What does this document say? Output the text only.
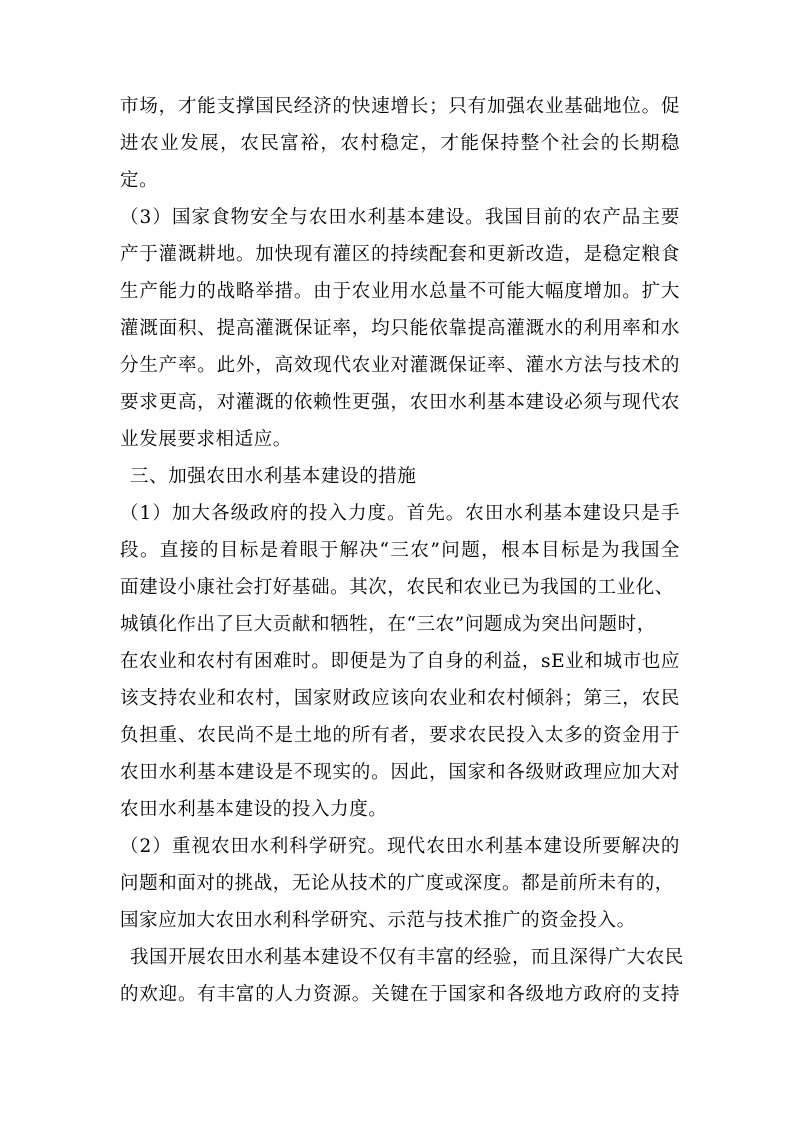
市场，才能支撑国民经济的快速增长；只有加强农业基础地位。促
进农业发展，农民富裕，农村稳定，才能保持整个社会的长期稳
定。
（3）国家食物安全与农田水利基本建设。我国目前的农产品主要
产于灌溉耕地。加快现有灌区的持续配套和更新改造，是稳定粮食
生产能力的战略举措。由于农业用水总量不可能大幅度增加。扩大
灌溉面积、提高灌溉保证率，均只能依靠提高灌溉水的利用率和水
分生产率。此外，高效现代农业对灌溉保证率、灌水方法与技术的
要求更高，对灌溉的依赖性更强，农田水利基本建设必须与现代农
业发展要求相适应。
三、加强农田水利基本建设的措施
（1）加大各级政府的投入力度。首先。农田水利基本建设只是手
段。直接的目标是着眼于解决“三农”问题，根本目标是为我国全
面建设小康社会打好基础。其次，农民和农业已为我国的工业化、
城镇化作出了巨大贡献和牺牲，在“三农”问题成为突出问题时，
在农业和农村有困难时。即便是为了自身的利益，sE业和城市也应
该支持农业和农村，国家财政应该向农业和农村倾斜；第三，农民
负担重、农民尚不是土地的所有者，要求农民投入太多的资金用于
农田水利基本建设是不现实的。因此，国家和各级财政理应加大对
农田水利基本建设的投入力度。
（2）重视农田水利科学研究。现代农田水利基本建设所要解决的
问题和面对的挑战，无论从技术的广度或深度。都是前所未有的，
国家应加大农田水利科学研究、示范与技术推广的资金投入。
我国开展农田水利基本建设不仅有丰富的经验，而且深得广大农民
的欢迎。有丰富的人力资源。关键在于国家和各级地方政府的支持
